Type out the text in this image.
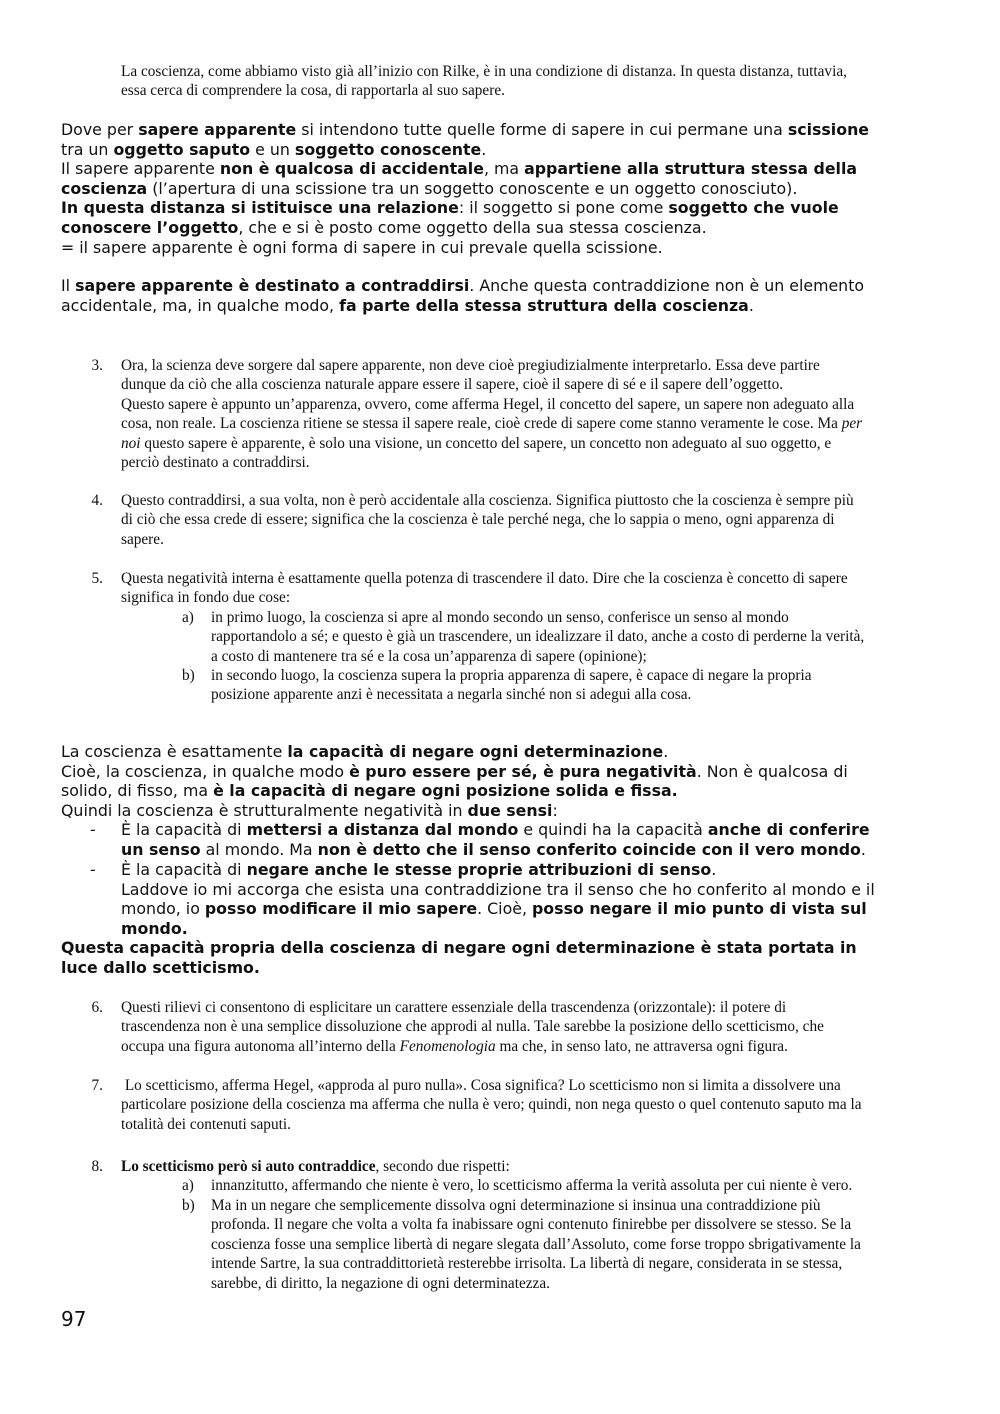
La coscienza, come abbiamo visto già all’inizio con Rilke, è in una condizione di distanza. In questa distanza, tuttavia,
essa cerca di comprendere la cosa, di rapportarla al suo sapere.
Dove per sapere apparente si intendono tutte quelle forme di sapere in cui permane una scissione
tra un oggetto saputo e un soggetto conoscente.
Il sapere apparente non è qualcosa di accidentale, ma appartiene alla struttura stessa della
coscienza (l’apertura di una scissione tra un soggetto conoscente e un oggetto conosciuto).
In questa distanza si istituisce una relazione: il soggetto si pone come soggetto che vuole
conoscere l’oggetto, che e si è posto come oggetto della sua stessa coscienza.
= il sapere apparente è ogni forma di sapere in cui prevale quella scissione.
Il sapere apparente è destinato a contraddirsi. Anche questa contraddizione non è un elemento
accidentale, ma, in qualche modo, fa parte della stessa struttura della coscienza.
3. Ora, la scienza deve sorgere dal sapere apparente, non deve cioè pregiudizialmente interpretarlo. Essa deve partire
dunque da ciò che alla coscienza naturale appare essere il sapere, cioè il sapere di sé e il sapere dell’oggetto.
Questo sapere è appunto un’apparenza, ovvero, come afferma Hegel, il concetto del sapere, un sapere non adeguato alla
cosa, non reale. La coscienza ritiene se stessa il sapere reale, cioè crede di sapere come stanno veramente le cose. Ma per
noi questo sapere è apparente, è solo una visione, un concetto del sapere, un concetto non adeguato al suo oggetto, e
perciò destinato a contraddirsi.
4. Questo contraddirsi, a sua volta, non è però accidentale alla coscienza. Significa piuttosto che la coscienza è sempre più
di ciò che essa crede di essere; significa che la coscienza è tale perché nega, che lo sappia o meno, ogni apparenza di
sapere.
5. Questa negatività interna è esattamente quella potenza di trascendere il dato. Dire che la coscienza è concetto di sapere
significa in fondo due cose:
a) in primo luogo, la coscienza si apre al mondo secondo un senso, conferisce un senso al mondo
rapportandolo a sé; e questo è già un trascendere, un idealizzare il dato, anche a costo di perderne la verità,
a costo di mantenere tra sé e la cosa un’apparenza di sapere (opinione);
b) in secondo luogo, la coscienza supera la propria apparenza di sapere, è capace di negare la propria
posizione apparente anzi è necessitata a negarla sinché non si adegui alla cosa.
La coscienza è esattamente la capacità di negare ogni determinazione.
Cioè, la coscienza, in qualche modo è puro essere per sé, è pura negatività. Non è qualcosa di
solido, di fisso, ma è la capacità di negare ogni posizione solida e fissa.
Quindi la coscienza è strutturalmente negatività in due sensi:
- È la capacità di mettersi a distanza dal mondo e quindi ha la capacità anche di conferire
un senso al mondo. Ma non è detto che il senso conferito coincide con il vero mondo.
- È la capacità di negare anche le stesse proprie attribuzioni di senso.
Laddove io mi accorga che esista una contraddizione tra il senso che ho conferito al mondo e il
mondo, io posso modificare il mio sapere. Cioè, posso negare il mio punto di vista sul
mondo.
Questa capacità propria della coscienza di negare ogni determinazione è stata portata in
luce dallo scetticismo.
6. Questi rilievi ci consentono di esplicitare un carattere essenziale della trascendenza (orizzontale): il potere di
trascendenza non è una semplice dissoluzione che approdi al nulla. Tale sarebbe la posizione dello scetticismo, che
occupa una figura autonoma all’interno della Fenomenologia ma che, in senso lato, ne attraversa ogni figura.
7. Lo scetticismo, afferma Hegel, «approda al puro nulla». Cosa significa? Lo scetticismo non si limita a dissolvere una
particolare posizione della coscienza ma afferma che nulla è vero; quindi, non nega questo o quel contenuto saputo ma la
totalità dei contenuti saputi.
8. Lo scetticismo però si auto contraddice, secondo due rispetti:
a) innanzitutto, affermando che niente è vero, lo scetticismo afferma la verità assoluta per cui niente è vero.
b) Ma in un negare che semplicemente dissolva ogni determinazione si insinua una contraddizione più
profonda. Il negare che volta a volta fa inabissare ogni contenuto finirebbe per dissolvere se stesso. Se la
coscienza fosse una semplice libertà di negare slegata dall’Assoluto, come forse troppo sbrigativamente la
intende Sartre, la sua contraddittorietà resterebbe irrisolta. La libertà di negare, considerata in se stessa,
sarebbe, di diritto, la negazione di ogni determinatezza.
97
